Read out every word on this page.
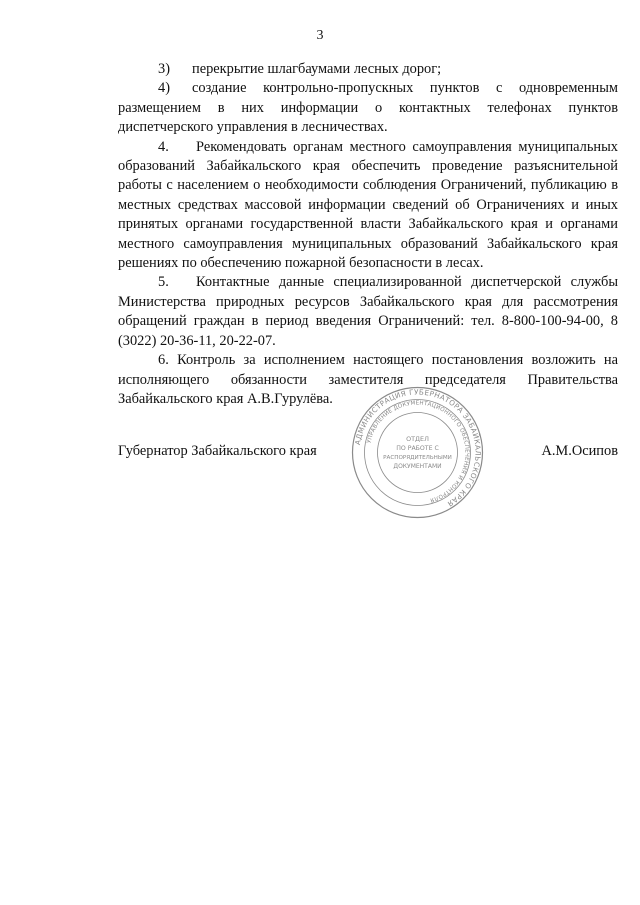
3

3) перекрытие шлагбаумами лесных дорог;

4) создание контрольно-пропускных пунктов с одновременным размещением в них информации о контактных телефонах пунктов диспетчерского управления в лесничествах.

4. Рекомендовать органам местного самоуправления муниципальных образований Забайкальского края обеспечить проведение разъяснительной работы с населением о необходимости соблюдения Ограничений, публикацию в местных средствах массовой информации сведений об Ограничениях и иных принятых органами государственной власти Забайкальского края и органами местного самоуправления муниципальных образований Забайкальского края решениях по обеспечению пожарной безопасности в лесах.

5. Контактные данные специализированной диспетчерской службы Министерства природных ресурсов Забайкальского края для рассмотрения обращений граждан в период введения Ограничений: тел. 8-800-100-94-00, 8 (3022) 20-36-11, 20-22-07.

6. Контроль за исполнением настоящего постановления возложить на исполняющего обязанности заместителя председателя Правительства Забайкальского края А.В.Гурулёва.

Губернатор Забайкальского края	А.М.Осипов
АДМИНИСТРАЦИЯ ГУБЕРНАТОРА ЗАБАЙКАЛЬСКОГО КРАЯ
УПРАВЛЕНИЕ ДОКУМЕНТАЦИОННОГО ОБЕСПЕЧЕНИЯ И КОНТРОЛЯ
ОТДЕЛ
ПО РАБОТЕ С
РАСПОРЯДИТЕЛЬНЫМИ
ДОКУМЕНТАМИ
